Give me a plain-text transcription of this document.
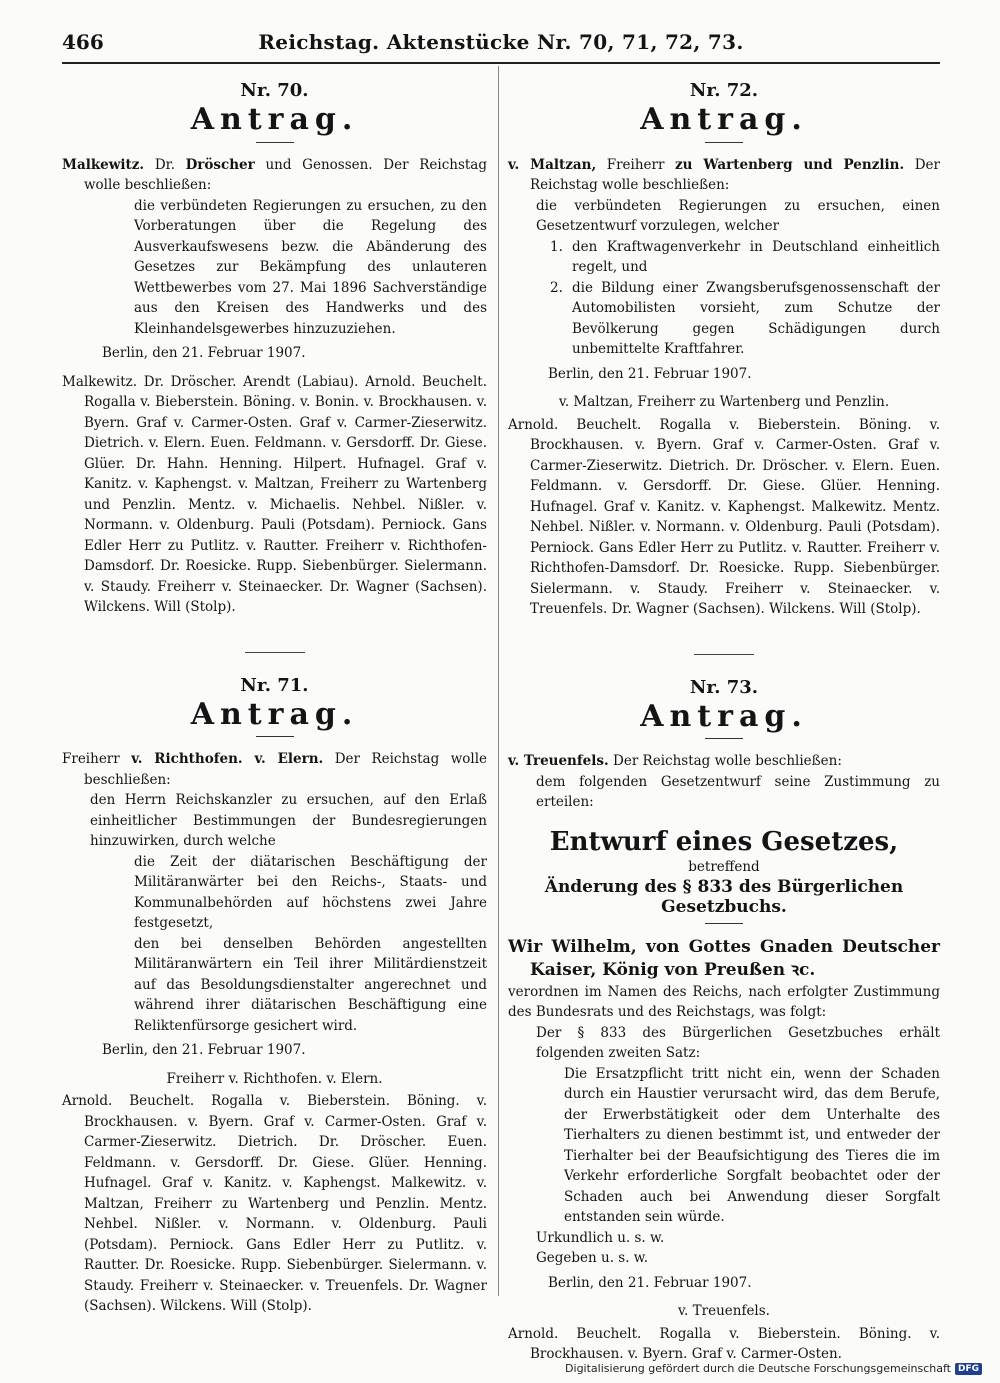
466	Reichstag. Aktenstücke Nr. 70, 71, 72, 73.
Nr. 70.
Antrag.

Malkewitz. Dr. Dröscher und Genossen. Der Reichstag wolle beschließen:

die verbündeten Regierungen zu ersuchen, zu den Vorberatungen über die Regelung des Ausverkaufswesens bezw. die Abänderung des Gesetzes zur Bekämpfung des unlauteren Wettbewerbes vom 27. Mai 1896 Sachverständige aus den Kreisen des Handwerks und des Kleinhandelsgewerbes hinzuzuziehen.

Berlin, den 21. Februar 1907.

Malkewitz. Dr. Dröscher. Arendt (Labiau). Arnold. Beuchelt. Rogalla v. Bieberstein. Böning. v. Bonin. v. Brockhausen. v. Byern. Graf v. Carmer-Osten. Graf v. Carmer-Zieserwitz. Dietrich. v. Elern. Euen. Feldmann. v. Gersdorff. Dr. Giese. Glüer. Dr. Hahn. Henning. Hilpert. Hufnagel. Graf v. Kanitz. v. Kaphengst. v. Maltzan, Freiherr zu Wartenberg und Penzlin. Mentz. v. Michaelis. Nehbel. Nißler. v. Normann. v. Oldenburg. Pauli (Potsdam). Perniock. Gans Edler Herr zu Putlitz. v. Rautter. Freiherr v. Richthofen-Damsdorf. Dr. Roesicke. Rupp. Siebenbürger. Sielermann. v. Staudy. Freiherr v. Steinaecker. Dr. Wagner (Sachsen). Wilckens. Will (Stolp).

Nr. 71.
Antrag.

Freiherr v. Richthofen. v. Elern. Der Reichstag wolle beschließen:

den Herrn Reichskanzler zu ersuchen, auf den Erlaß einheitlicher Bestimmungen der Bundesregierungen hinzuwirken, durch welche

die Zeit der diätarischen Beschäftigung der Militäranwärter bei den Reichs-, Staats- und Kommunalbehörden auf höchstens zwei Jahre festgesetzt,

den bei denselben Behörden angestellten Militäranwärtern ein Teil ihrer Militärdienstzeit auf das Besoldungsdienstalter angerechnet und während ihrer diätarischen Beschäftigung eine Reliktenfürsorge gesichert wird.

Berlin, den 21. Februar 1907.

Freiherr v. Richthofen. v. Elern.

Arnold. Beuchelt. Rogalla v. Bieberstein. Böning. v. Brockhausen. v. Byern. Graf v. Carmer-Osten. Graf v. Carmer-Zieserwitz. Dietrich. Dr. Dröscher. Euen. Feldmann. v. Gersdorff. Dr. Giese. Glüer. Henning. Hufnagel. Graf v. Kanitz. v. Kaphengst. Malkewitz. v. Maltzan, Freiherr zu Wartenberg und Penzlin. Mentz. Nehbel. Nißler. v. Normann. v. Oldenburg. Pauli (Potsdam). Perniock. Gans Edler Herr zu Putlitz. v. Rautter. Dr. Roesicke. Rupp. Siebenbürger. Sielermann. v. Staudy. Freiherr v. Steinaecker. v. Treuenfels. Dr. Wagner (Sachsen). Wilckens. Will (Stolp).

Nr. 72.
Antrag.

v. Maltzan, Freiherr zu Wartenberg und Penzlin. Der Reichstag wolle beschließen:

die verbündeten Regierungen zu ersuchen, einen Gesetzentwurf vorzulegen, welcher

1. den Kraftwagenverkehr in Deutschland einheitlich regelt, und
2. die Bildung einer Zwangsberufsgenossenschaft der Automobilisten vorsieht, zum Schutze der Bevölkerung gegen Schädigungen durch unbemittelte Kraftfahrer.

Berlin, den 21. Februar 1907.

v. Maltzan, Freiherr zu Wartenberg und Penzlin.

Arnold. Beuchelt. Rogalla v. Bieberstein. Böning. v. Brockhausen. v. Byern. Graf v. Carmer-Osten. Graf v. Carmer-Zieserwitz. Dietrich. Dr. Dröscher. v. Elern. Euen. Feldmann. v. Gersdorff. Dr. Giese. Glüer. Henning. Hufnagel. Graf v. Kanitz. v. Kaphengst. Malkewitz. Mentz. Nehbel. Nißler. v. Normann. v. Oldenburg. Pauli (Potsdam). Perniock. Gans Edler Herr zu Putlitz. v. Rautter. Freiherr v. Richthofen-Damsdorf. Dr. Roesicke. Rupp. Siebenbürger. Sielermann. v. Staudy. Freiherr v. Steinaecker. v. Treuenfels. Dr. Wagner (Sachsen). Wilckens. Will (Stolp).

Nr. 73.
Antrag.

v. Treuenfels. Der Reichstag wolle beschließen:

dem folgenden Gesetzentwurf seine Zustimmung zu erteilen:

Entwurf eines Gesetzes,
betreffend
Änderung des § 833 des Bürgerlichen Gesetzbuchs.

Wir Wilhelm, von Gottes Gnaden Deutscher Kaiser, König von Preußen ꝛc.

verordnen im Namen des Reichs, nach erfolgter Zustimmung des Bundesrats und des Reichstags, was folgt:

Der § 833 des Bürgerlichen Gesetzbuches erhält folgenden zweiten Satz:

Die Ersatzpflicht tritt nicht ein, wenn der Schaden durch ein Haustier verursacht wird, das dem Berufe, der Erwerbstätigkeit oder dem Unterhalte des Tierhalters zu dienen bestimmt ist, und entweder der Tierhalter bei der Beaufsichtigung des Tieres die im Verkehr erforderliche Sorgfalt beobachtet oder der Schaden auch bei Anwendung dieser Sorgfalt entstanden sein würde.

Urkundlich u. s. w.

Gegeben u. s. w.

Berlin, den 21. Februar 1907.

v. Treuenfels.

Arnold. Beuchelt. Rogalla v. Bieberstein. Böning. v. Brockhausen. v. Byern. Graf v. Carmer-Osten.

Digitalisierung gefördert durch die Deutsche Forschungsgemeinschaft DFG
